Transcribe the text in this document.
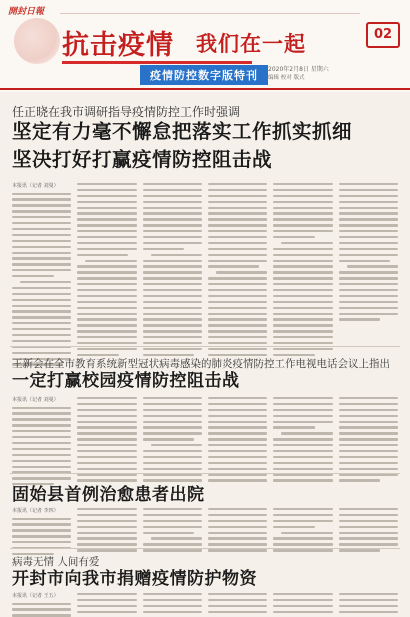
開封日報
抗击疫情 我们在一起	02
疫情防控数字版特刊	2020年2月8日 星期六
编辑 校对 版式
任正晓在我市调研指导疫情防控工作时强调
坚定有力毫不懈怠把落实工作抓实抓细
坚决打好打赢疫情防控阻击战
本报讯（记者 刘曼）
王新会在全市教育系统新型冠状病毒感染的肺炎疫情防控工作电视电话会议上指出
一定打赢校园疫情防控阻击战
本报讯（记者 刘曼）
固始县首例治愈患者出院
本报讯（记者 李四）
病毒无情 人间有爱
开封市向我市捐赠疫情防护物资
本报讯（记者 王五）
